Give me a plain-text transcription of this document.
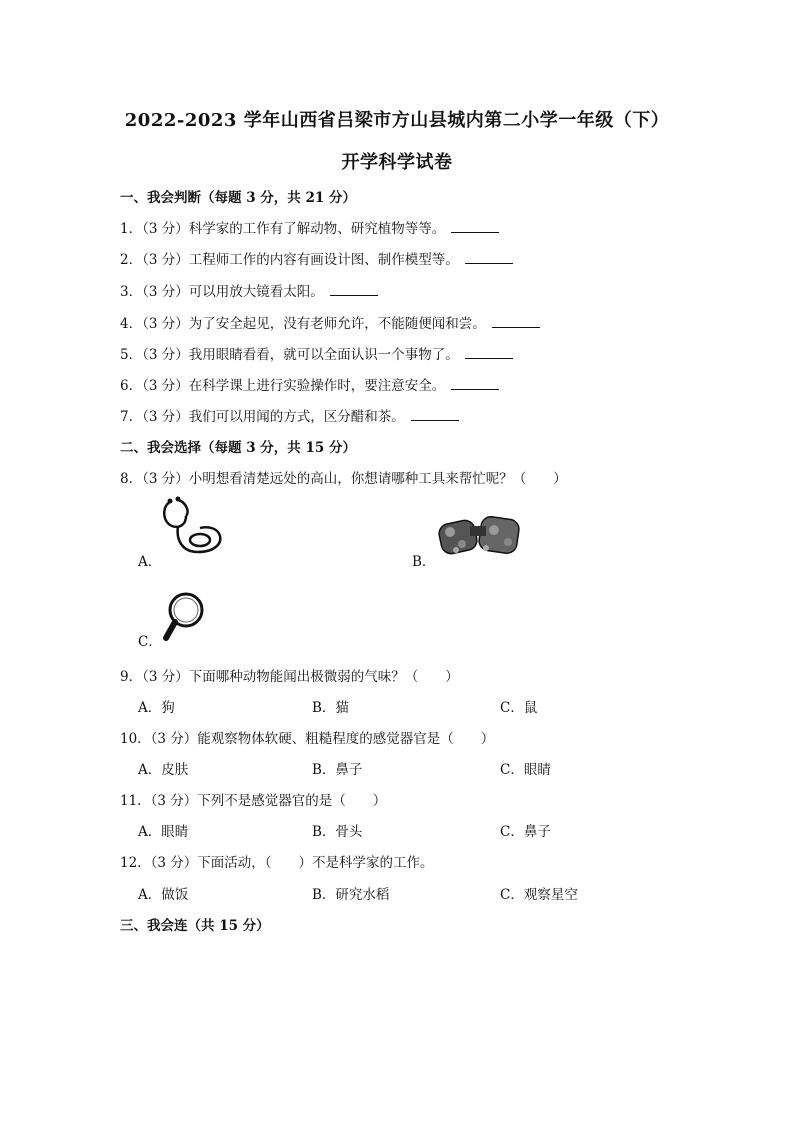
2022-2023 学年山西省吕梁市方山县城内第二小学一年级（下）
开学科学试卷
一、我会判断（每题 3 分，共 21 分）
1．（3 分）科学家的工作有了解动物、研究植物等等。
2．（3 分）工程师工作的内容有画设计图、制作模型等。
3．（3 分）可以用放大镜看太阳。
4．（3 分）为了安全起见，没有老师允许，不能随便闻和尝。
5．（3 分）我用眼睛看看，就可以全面认识一个事物了。
6．（3 分）在科学课上进行实验操作时，要注意安全。
7．（3 分）我们可以用闻的方式，区分醋和茶。
二、我会选择（每题 3 分，共 15 分）
8．（3 分）小明想看清楚远处的高山，你想请哪种工具来帮忙呢？（　　）
A．	B．
C．
9．（3 分）下面哪种动物能闻出极微弱的气味？（　　）
A．狗	B．猫	C．鼠
10．（3 分）能观察物体软硬、粗糙程度的感觉器官是（　　）
A．皮肤	B．鼻子	C．眼睛
11．（3 分）下列不是感觉器官的是（　　）
A．眼睛	B．骨头	C．鼻子
12．（3 分）下面活动，（　　）不是科学家的工作。
A．做饭	B．研究水稻	C．观察星空
三、我会连（共 15 分）
